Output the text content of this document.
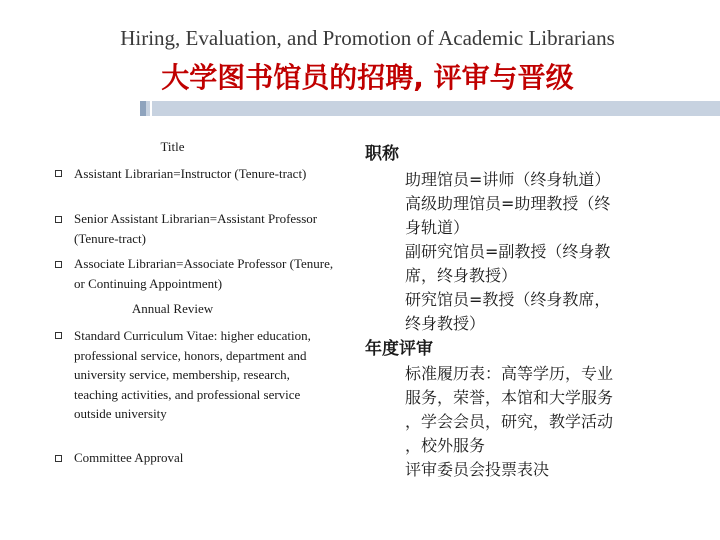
Hiring, Evaluation, and Promotion of Academic Librarians
大学图书馆员的招聘, 评审与晋级
Title
Assistant Librarian=Instructor (Tenure-tract)
Senior Assistant Librarian=Assistant Professor (Tenure-tract)
Associate Librarian=Associate Professor (Tenure, or Continuing Appointment)
Annual Review
Standard Curriculum Vitae: higher education, professional service, honors, department and university service, membership, research, teaching activities, and professional service outside university
Committee Approval
职称
助理馆员=讲师（终身轨道）
高级助理馆员=助理教授（终
身轨道）
副研究馆员=副教授（终身教
席，终身教授）
研究馆员=教授（终身教席，
终身教授）
年度评审
标准履历表：高等学历，专业
服务，荣誉，本馆和大学服务
，学会会员，研究，教学活动
，校外服务
评审委员会投票表决
